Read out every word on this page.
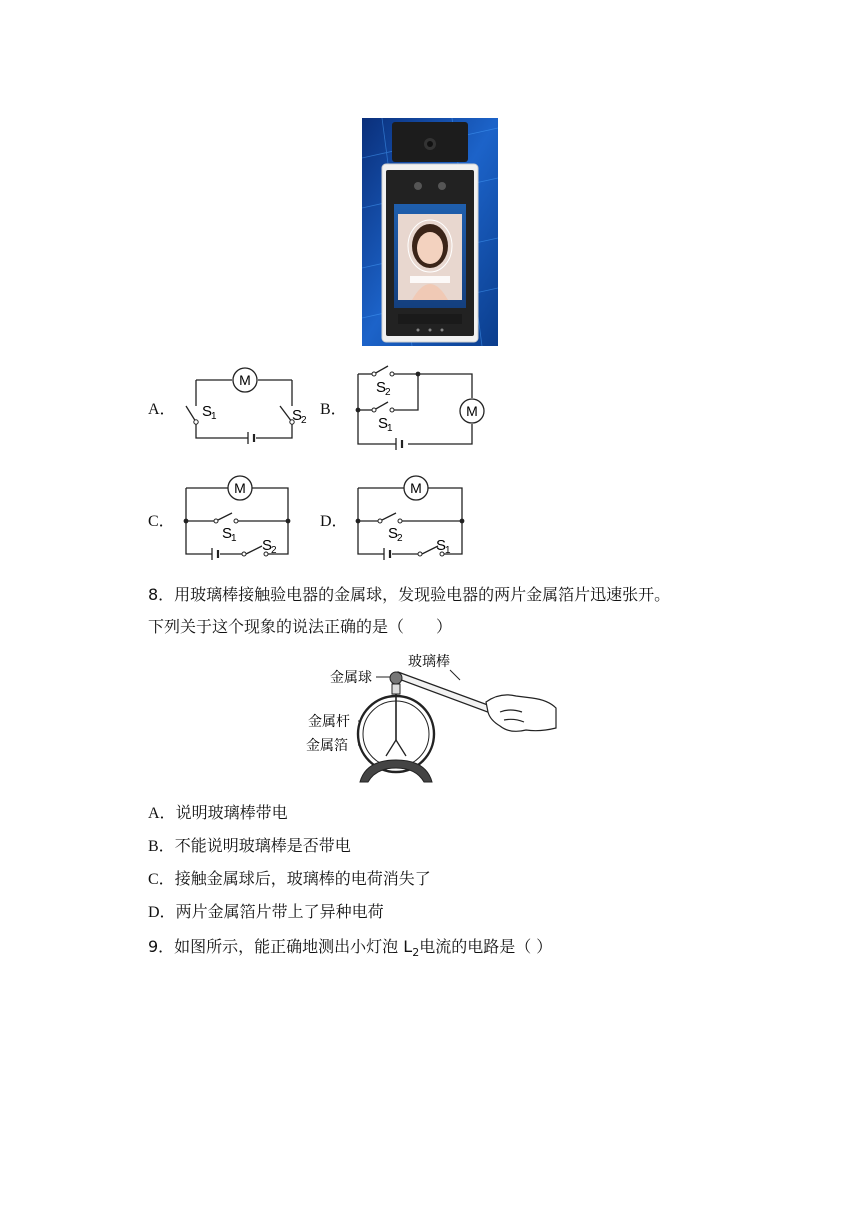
A．
M
S
1	S
2
B．	M
S
2
S
1
C．
M
S
1 S
2
D．
M
S
2 S
1
8．用玻璃棒接触验电器的金属球，发现验电器的两片金属箔片迅速张开。
下列关于这个现象的说法正确的是（　　）
金属球
玻璃棒
金属杆
金属箔
A．说明玻璃棒带电
B．不能说明玻璃棒是否带电
C．接触金属球后，玻璃棒的电荷消失了
D．两片金属箔片带上了异种电荷
9．如图所示，能正确地测出小灯泡 $L_2$电流的电路是（ ）
